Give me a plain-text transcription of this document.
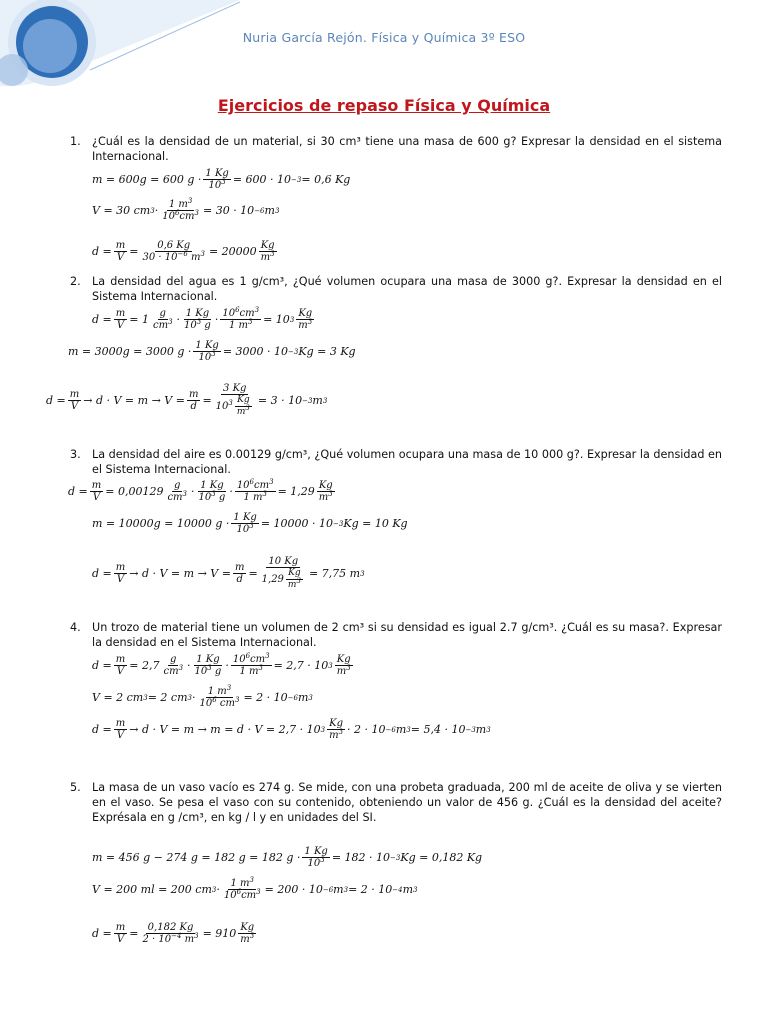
Nuria García Rejón. Física y Química 3º ESO
Ejercicios de repaso Física y Química
1. ¿Cuál es la densidad de un material, si 30 cm³ tiene una masa de 600 g? Expresar la densidad en el sistema Internacional.
m = 600g = 600 g · 1 Kg
$10^3 = 600 \cdot 10 -3 = 0,6$ Kg
V = 30 cm 3 · 1 $m^3$
$10^6cm^3 = 30 \cdot 10 -6$ m 3
d = m
V = 0,6 Kg
$30 \cdot 10^{-6}$ $m^3 = 20000$ Kg
$m^3$
2. La densidad del agua es 1 g/cm³, ¿Qué volumen ocupara una masa de 3000 g?. Expresar la densidad en el Sistema Internacional.
d = m
V = 1 g
$cm^3 \cdot 1$ Kg
$10^3$ $g \cdot 10^6cm^3$
1 $m^3 = 10$ 3
Kg
$m^3$
m = 3000g = 3000 g · 1 Kg
$10^3 = 3000 \cdot 10 -3$ Kg = 3 Kg
d = m
V → d · V = m → V = m
d =
3 Kg
$10^3 \frac{Kg}{m^3} = 3 \cdot 10 -3$ m 3
3. La densidad del aire es 0.00129 g/cm³, ¿Qué volumen ocupara una masa de 10 000 g?. Expresar la densidad en el Sistema Internacional.
d = m
V = 0,00129 g
$cm^3 \cdot 1$ Kg
$10^3$ $g \cdot 10^6cm^3$
1 $m^3 = 1,29$ Kg
$m^3$
m = 10000g = 10000 g · 1 Kg
$10^3 = 10000 \cdot 10 -3$ Kg = 10 Kg
d = m
V → d · V = m → V = m
d =
10 Kg
$1,29 \frac{Kg}{m^3} = 7,75$ m 3
4. Un trozo de material tiene un volumen de 2 cm³ si su densidad es igual 2.7 g/cm³. ¿Cuál es su masa?. Expresar la densidad en el Sistema Internacional.
d = m
V = 2,7 g
$cm^3 \cdot 1$ Kg
$10^3$ $g \cdot 10^6cm^3$
1 $m^3 = 2,7 \cdot 10$ 3
Kg
$m^3$
V = 2 cm 3 = 2 cm 3 · 1 $m^3$
$10^6$ $cm^3 = 2 \cdot 10 -6$ m 3
d = m
V → d · V = m → m = d · V = 2,7 · 10 3
Kg
$m^3 \cdot 2 \cdot 10 -6$ m 3 = 5,4 · 10 −3 m 3
5. La masa de un vaso vacío es 274 g. Se mide, con una probeta graduada, 200 ml de aceite de oliva y se vierten en el vaso. Se pesa el vaso con su contenido, obteniendo un valor de 456 g. ¿Cuál es la densidad del aceite? Exprésala en g /cm³, en kg / l y en unidades del SI.
m = 456 g − 274 g = 182 g = 182 g · 1 Kg
$10^3 = 182 \cdot 10 -3$ Kg = 0,182 Kg
V = 200 ml = 200 cm 3 · 1 $m^3$
$10^6cm^3 = 200 \cdot 10 -6$ m 3 = 2 · 10 −4 m 3
d = m
V = 0,182 Kg
$2 \cdot 10^{-4}$ $m^3 = 910$ Kg
$m^3$
